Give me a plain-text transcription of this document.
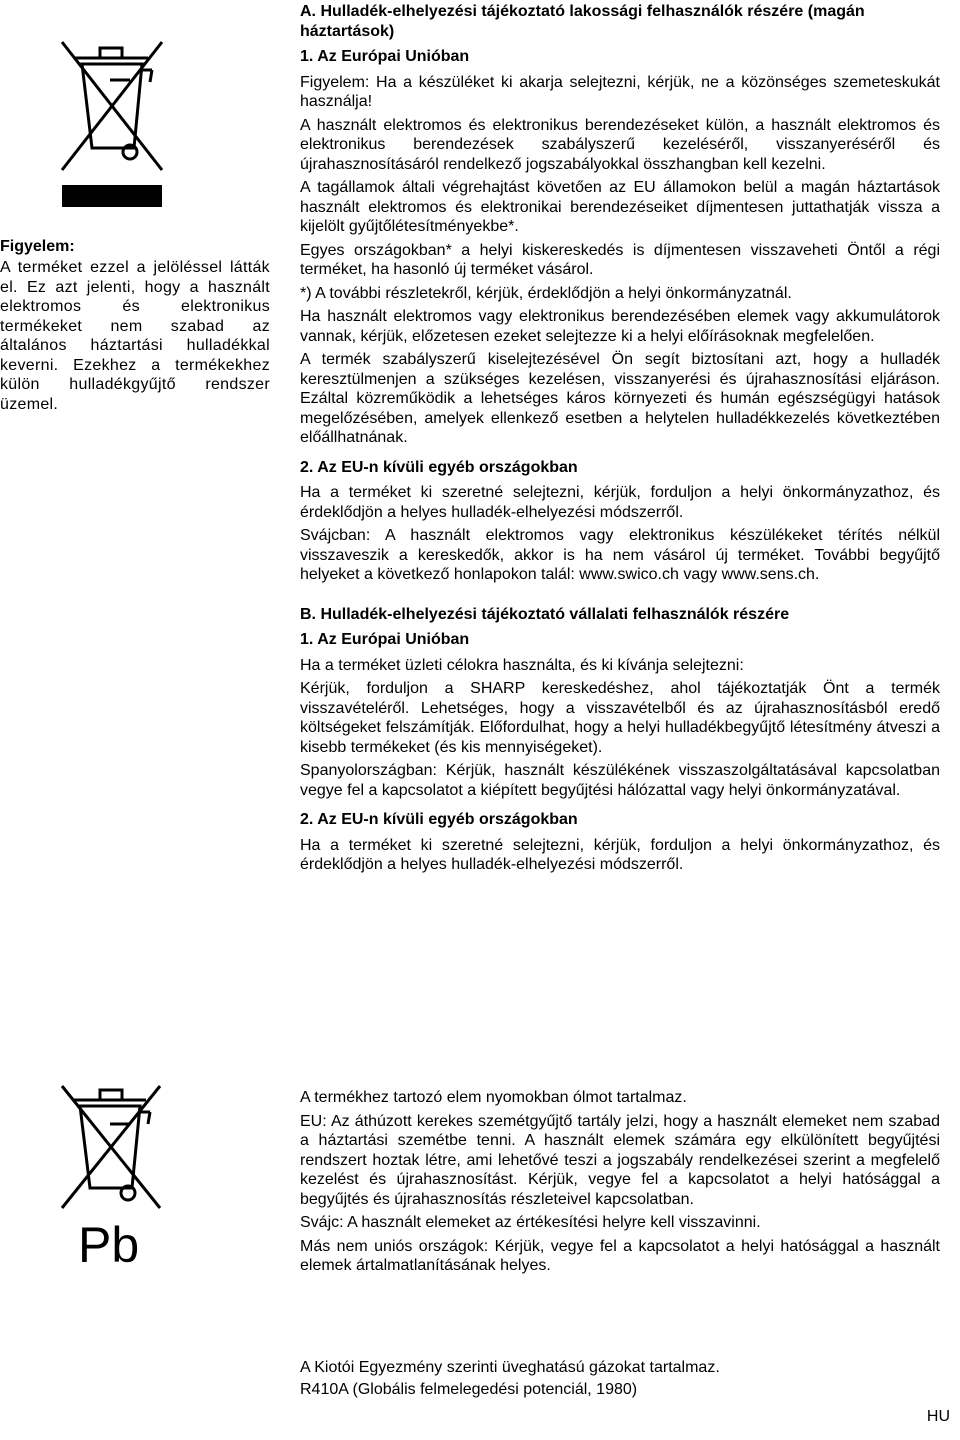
Figyelem:

A terméket ezzel a jelöléssel látták el. Ez azt jelenti, hogy a használt elektromos és elektronikus termékeket nem szabad az általános háztartási hulladékkal keverni. Ezekhez a termékekhez külön hulladékgyűjtő rendszer üzemel.

A. Hulladék-elhelyezési tájékoztató lakossági felhasználók részére (magán háztartások)
1. Az Európai Unióban

Figyelem: Ha a készüléket ki akarja selejtezni, kérjük, ne a közönséges szemeteskukát használja!

A használt elektromos és elektronikus berendezéseket külön, a használt elektromos és elektronikus berendezések szabályszerű kezeléséről, visszanyeréséről és újrahasznosításáról rendelkező jogszabályokkal összhangban kell kezelni.

A tagállamok általi végrehajtást követően az EU államokon belül a magán háztartások használt elektromos és elektronikai berendezéseiket díjmentesen juttathatják vissza a kijelölt gyűjtőlétesítményekbe*.

Egyes országokban* a helyi kiskereskedés is díjmentesen visszaveheti Öntől a régi terméket, ha hasonló új terméket vásárol.

*) A további részletekről, kérjük, érdeklődjön a helyi önkormányzatnál.

Ha használt elektromos vagy elektronikus berendezésében elemek vagy akkumulátorok vannak, kérjük, előzetesen ezeket selejtezze ki a helyi előírásoknak megfelelően.

A termék szabályszerű kiselejtezésével Ön segít biztosítani azt, hogy a hulladék keresztülmenjen a szükséges kezelésen, visszanyerési és újrahasznosítási eljáráson. Ezáltal közreműködik a lehetséges káros környezeti és humán egészségügyi hatások megelőzésében, amelyek ellenkező esetben a helytelen hulladékkezelés következtében előállhatnának.

2. Az EU-n kívüli egyéb országokban

Ha a terméket ki szeretné selejtezni, kérjük, forduljon a helyi önkormányzathoz, és érdeklődjön a helyes hulladék-elhelyezési módszerről.

Svájcban: A használt elektromos vagy elektronikus készülékeket térítés nélkül visszaveszik a kereskedők, akkor is ha nem vásárol új terméket. További begyűjtő helyeket a következő honlapokon talál: www.swico.ch vagy www.sens.ch.

B. Hulladék-elhelyezési tájékoztató vállalati felhasználók részére
1. Az Európai Unióban

Ha a terméket üzleti célokra használta, és ki kívánja selejtezni:

Kérjük, forduljon a SHARP kereskedéshez, ahol tájékoztatják Önt a termék visszavételéről. Lehetséges, hogy a visszavételből és az újrahasznosításból eredő költségeket felszámítják. Előfordulhat, hogy a helyi hulladékbegyűjtő létesítmény átveszi a kisebb termékeket (és kis mennyiségeket).

Spanyolországban: Kérjük, használt készülékének visszaszolgáltatásával kapcsolatban vegye fel a kapcsolatot a kiépített begyűjtési hálózattal vagy helyi önkormányzatával.

2. Az EU-n kívüli egyéb országokban

Ha a terméket ki szeretné selejtezni, kérjük, forduljon a helyi önkormányzathoz, és érdeklődjön a helyes hulladék-elhelyezési módszerről.

Pb

A termékhez tartozó elem nyomokban ólmot tartalmaz.

EU: Az áthúzott kerekes szemétgyűjtő tartály jelzi, hogy a használt elemeket nem szabad a háztartási szemétbe tenni. A használt elemek számára egy elkülönített begyűjtési rendszert hoztak létre, ami lehetővé teszi a jogszabály rendelkezései szerint a megfelelő kezelést és újrahasznosítást. Kérjük, vegye fel a kapcsolatot a helyi hatósággal a begyűjtés és újrahasznosítás részleteivel kapcsolatban.

Svájc: A használt elemeket az értékesítési helyre kell visszavinni.

Más nem uniós országok: Kérjük, vegye fel a kapcsolatot a helyi hatósággal a használt elemek ártalmatlanításának helyes.

A Kiotói Egyezmény szerinti üveghatású gázokat tartalmaz.

R410A (Globális felmelegedési potenciál, 1980)

HU
